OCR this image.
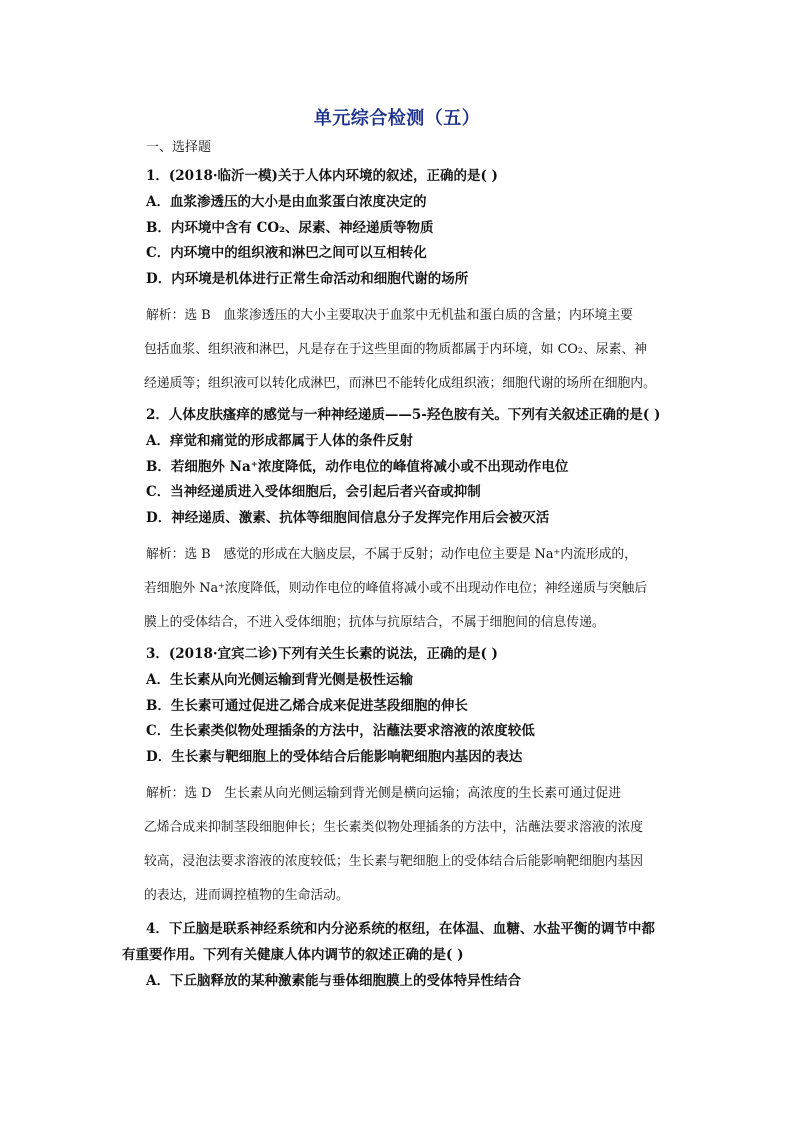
单元综合检测（五）
一、选择题
1．(2018·临沂一模)关于人体内环境的叙述，正确的是( )
A．血浆渗透压的大小是由血浆蛋白浓度决定的
B．内环境中含有 CO₂、尿素、神经递质等物质
C．内环境中的组织液和淋巴之间可以互相转化
D．内环境是机体进行正常生命活动和细胞代谢的场所
解析：选 B　血浆渗透压的大小主要取决于血浆中无机盐和蛋白质的含量；内环境主要
包括血浆、组织液和淋巴，凡是存在于这些里面的物质都属于内环境，如 CO₂、尿素、神
经递质等；组织液可以转化成淋巴，而淋巴不能转化成组织液；细胞代谢的场所在细胞内。
2．人体皮肤瘙痒的感觉与一种神经递质——5-羟色胺有关。下列有关叙述正确的是( )
A．痒觉和痛觉的形成都属于人体的条件反射
B．若细胞外 Na⁺浓度降低，动作电位的峰值将减小或不出现动作电位
C．当神经递质进入受体细胞后，会引起后者兴奋或抑制
D．神经递质、激素、抗体等细胞间信息分子发挥完作用后会被灭活
解析：选 B　感觉的形成在大脑皮层，不属于反射；动作电位主要是 Na⁺内流形成的，
若细胞外 Na⁺浓度降低，则动作电位的峰值将减小或不出现动作电位；神经递质与突触后
膜上的受体结合，不进入受体细胞；抗体与抗原结合，不属于细胞间的信息传递。
3．(2018·宜宾二诊)下列有关生长素的说法，正确的是( )
A．生长素从向光侧运输到背光侧是极性运输
B．生长素可通过促进乙烯合成来促进茎段细胞的伸长
C．生长素类似物处理插条的方法中，沾蘸法要求溶液的浓度较低
D．生长素与靶细胞上的受体结合后能影响靶细胞内基因的表达
解析：选 D　生长素从向光侧运输到背光侧是横向运输；高浓度的生长素可通过促进
乙烯合成来抑制茎段细胞伸长；生长素类似物处理插条的方法中，沾蘸法要求溶液的浓度
较高，浸泡法要求溶液的浓度较低；生长素与靶细胞上的受体结合后能影响靶细胞内基因
的表达，进而调控植物的生命活动。
4．下丘脑是联系神经系统和内分泌系统的枢纽，在体温、血糖、水盐平衡的调节中都
有重要作用。下列有关健康人体内调节的叙述正确的是( )
A．下丘脑释放的某种激素能与垂体细胞膜上的受体特异性结合
